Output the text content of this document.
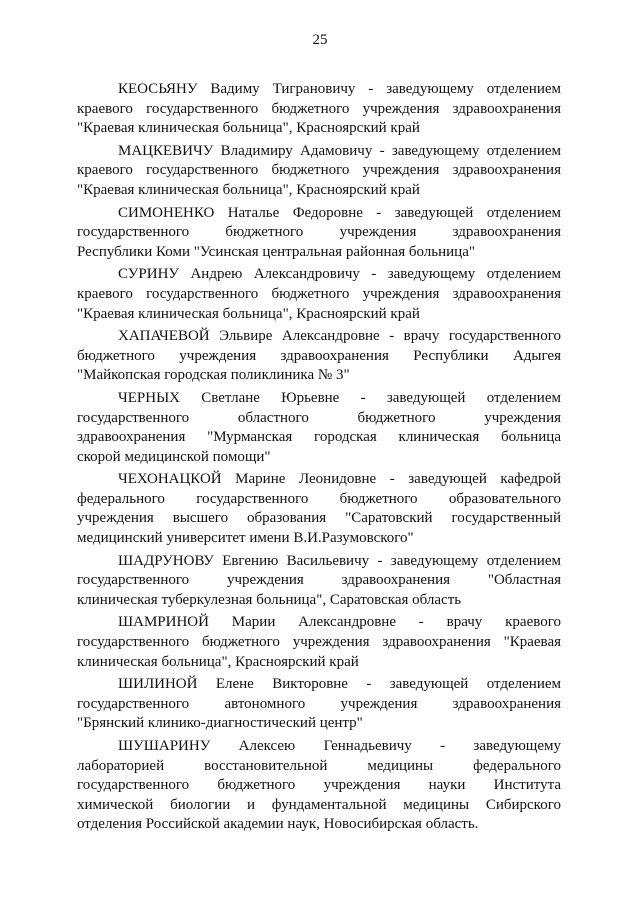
25
КЕОСЬЯНУ Вадиму Тиграновичу - заведующему отделением
краевого государственного бюджетного учреждения здравоохранения
"Краевая клиническая больница", Красноярский край
МАЦКЕВИЧУ Владимиру Адамовичу - заведующему отделением
краевого государственного бюджетного учреждения здравоохранения
"Краевая клиническая больница", Красноярский край
СИМОНЕНКО Наталье Федоровне - заведующей отделением
государственного бюджетного учреждения здравоохранения
Республики Коми "Усинская центральная районная больница"
СУРИНУ Андрею Александровичу - заведующему отделением
краевого государственного бюджетного учреждения здравоохранения
"Краевая клиническая больница", Красноярский край
ХАПАЧЕВОЙ Эльвире Александровне - врачу государственного
бюджетного учреждения здравоохранения Республики Адыгея
"Майкопская городская поликлиника № 3"
ЧЕРНЫХ Светлане Юрьевне - заведующей отделением
государственного областного бюджетного учреждения
здравоохранения "Мурманская городская клиническая больница
скорой медицинской помощи"
ЧЕХОНАЦКОЙ Марине Леонидовне - заведующей кафедрой
федерального государственного бюджетного образовательного
учреждения высшего образования "Саратовский государственный
медицинский университет имени В.И.Разумовского"
ШАДРУНОВУ Евгению Васильевичу - заведующему отделением
государственного учреждения здравоохранения "Областная
клиническая туберкулезная больница", Саратовская область
ШАМРИНОЙ Марии Александровне - врачу краевого
государственного бюджетного учреждения здравоохранения "Краевая
клиническая больница", Красноярский край
ШИЛИНОЙ Елене Викторовне - заведующей отделением
государственного автономного учреждения здравоохранения
"Брянский клинико-диагностический центр"
ШУШАРИНУ Алексею Геннадьевичу - заведующему
лабораторией восстановительной медицины федерального
государственного бюджетного учреждения науки Института
химической биологии и фундаментальной медицины Сибирского
отделения Российской академии наук, Новосибирская область.
